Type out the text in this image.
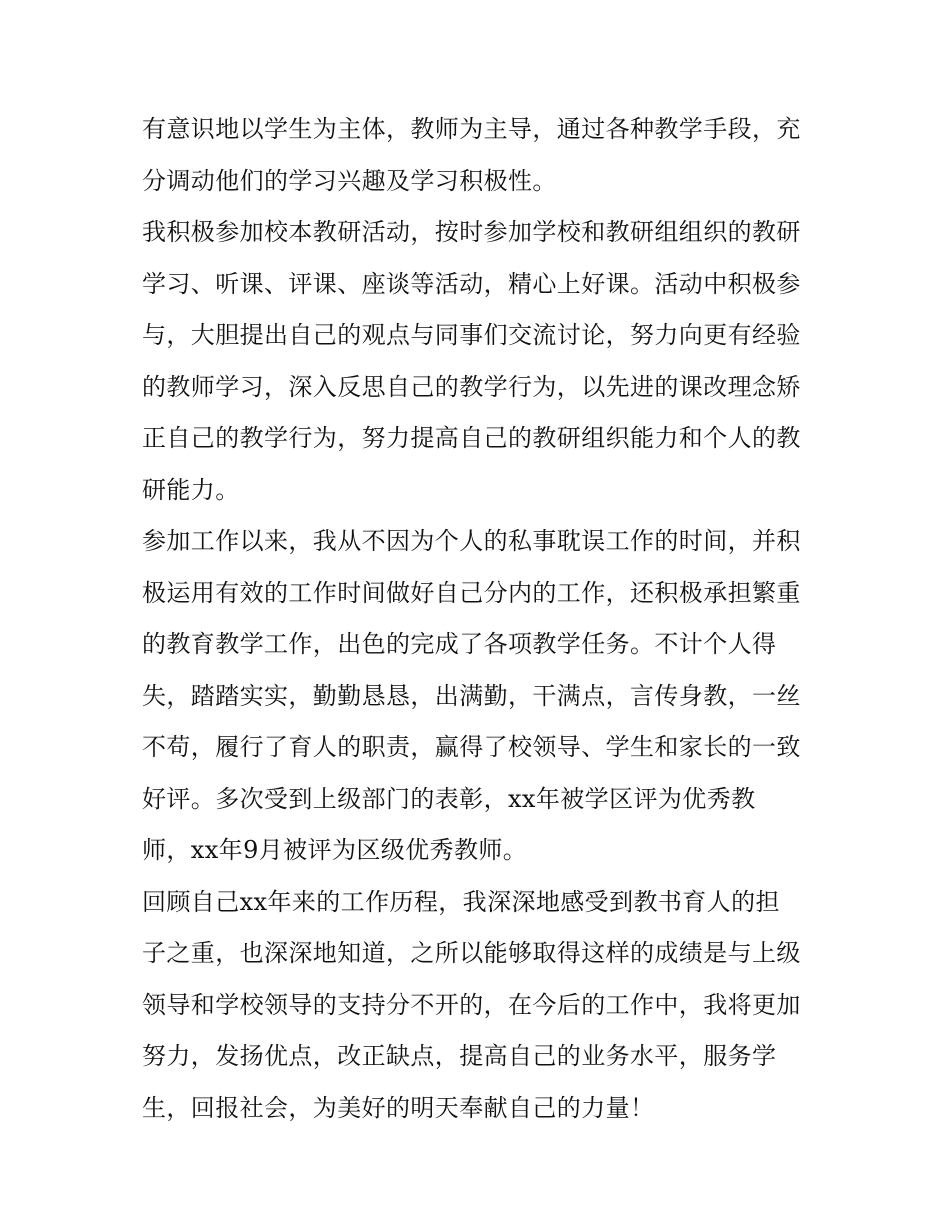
有意识地以学生为主体，教师为主导，通过各种教学手段，充
分调动他们的学习兴趣及学习积极性。
我积极参加校本教研活动，按时参加学校和教研组组织的教研
学习、听课、评课、座谈等活动，精心上好课。活动中积极参
与，大胆提出自己的观点与同事们交流讨论，努力向更有经验
的教师学习，深入反思自己的教学行为，以先进的课改理念矫
正自己的教学行为，努力提高自己的教研组织能力和个人的教
研能力。
参加工作以来，我从不因为个人的私事耽误工作的时间，并积
极运用有效的工作时间做好自己分内的工作，还积极承担繁重
的教育教学工作，出色的完成了各项教学任务。不计个人得
失，踏踏实实，勤勤恳恳，出满勤，干满点，言传身教，一丝
不苟，履行了育人的职责，赢得了校领导、学生和家长的一致
好评。多次受到上级部门的表彰，xx年被学区评为优秀教
师，xx年9月被评为区级优秀教师。
回顾自己xx年来的工作历程，我深深地感受到教书育人的担
子之重，也深深地知道，之所以能够取得这样的成绩是与上级
领导和学校领导的支持分不开的，在今后的工作中，我将更加
努力，发扬优点，改正缺点，提高自己的业务水平，服务学
生，回报社会，为美好的明天奉献自己的力量！
